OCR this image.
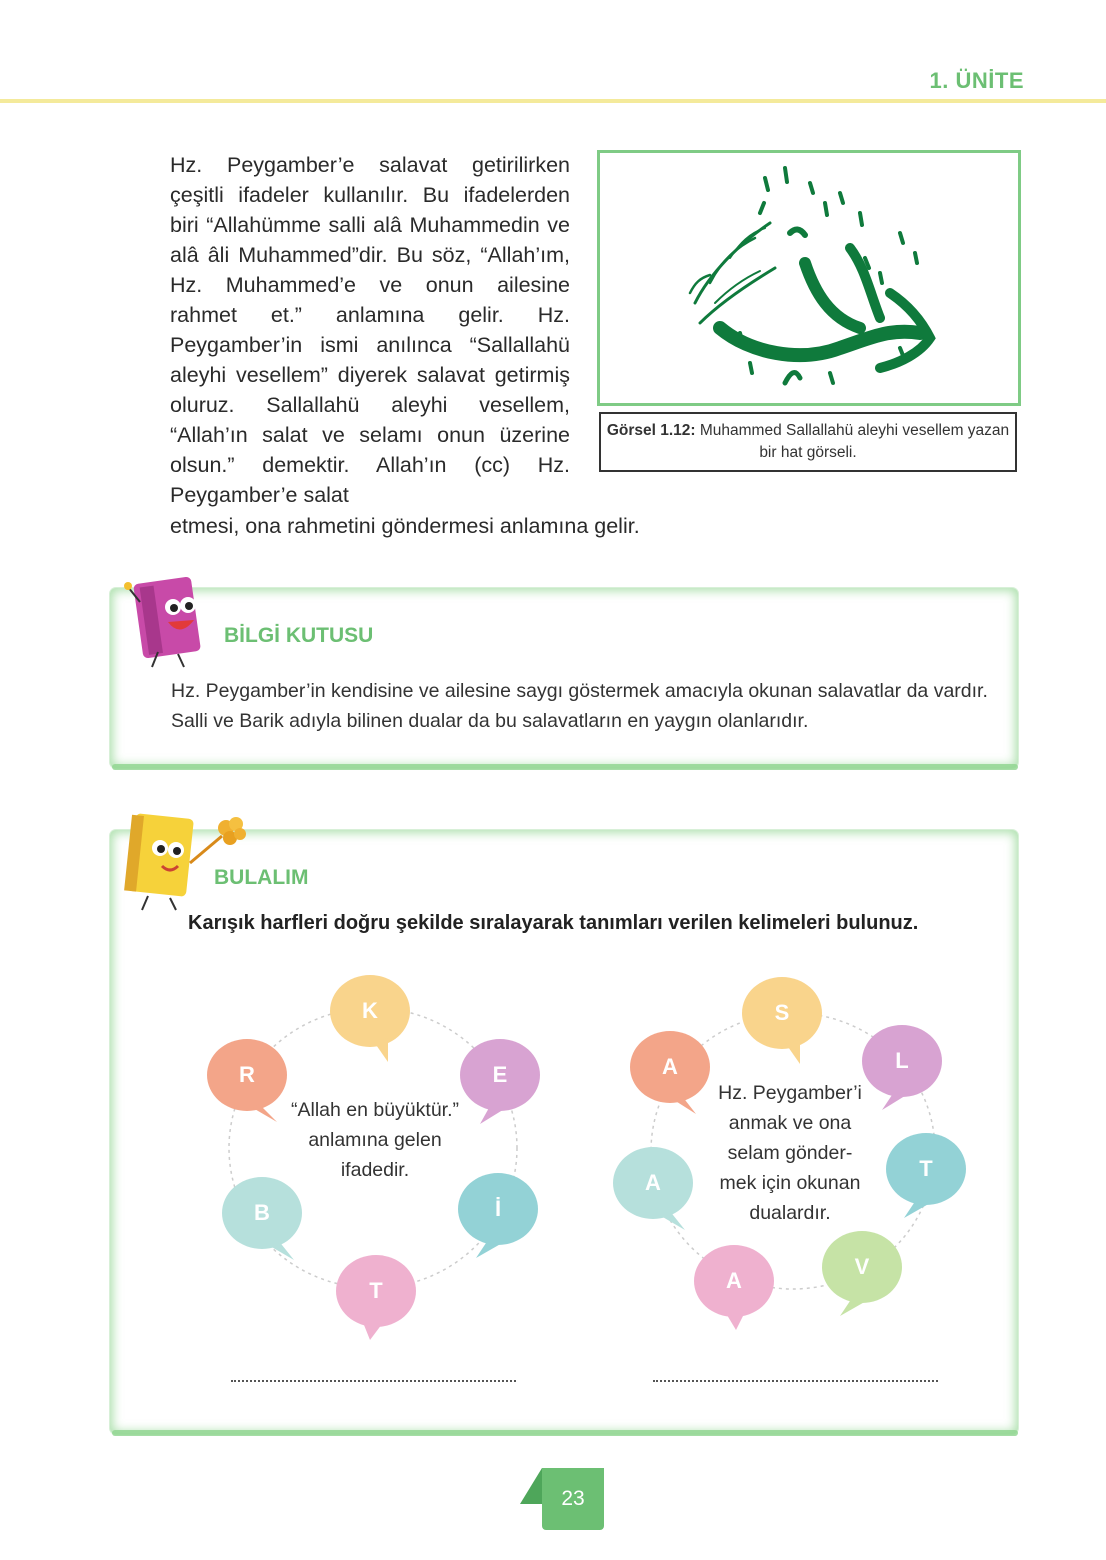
1. ÜNİTE
Hz. Peygamber’e salavat getirilirken çeşitli ifadeler kullanılır. Bu ifadelerden biri “Allahümme salli alâ Muhammedin ve alâ âli Muhammed”dir. Bu söz, “Allah’ım, Hz. Muhammed’e ve onun ailesine rahmet et.” anlamına gelir. Hz. Peygamber’in ismi anılınca “Sallallahü aleyhi vesellem” diyerek salavat getirmiş oluruz. Sallallahü aleyhi vesellem, “Allah’ın salat ve selamı onun üzerine olsun.” demektir. Allah’ın (cc) Hz. Peygamber’e salat
etmesi, ona rahmetini göndermesi anlamına gelir.
Görsel 1.12: Muhammed Sallallahü aleyhi vesellem yazan bir hat görseli.
BİLGİ KUTUSU
Hz. Peygamber’in kendisine ve ailesine saygı göstermek amacıyla okunan salavatlar da vardır. Salli ve Barik adıyla bilinen dualar da bu salavatların en yaygın olanlarıdır.
BULALIM
Karışık harfleri doğru şekilde sıralayarak tanımları verilen kelimeleri bulunuz.
K
E
İ
T
B
R
“Allah en büyüktür.”
anlamına gelen
ifadedir.
S
L
T
V
A
A
A
Hz. Peygamber’i
anmak ve ona
selam gönder-
mek için okunan
dualardır.
23
